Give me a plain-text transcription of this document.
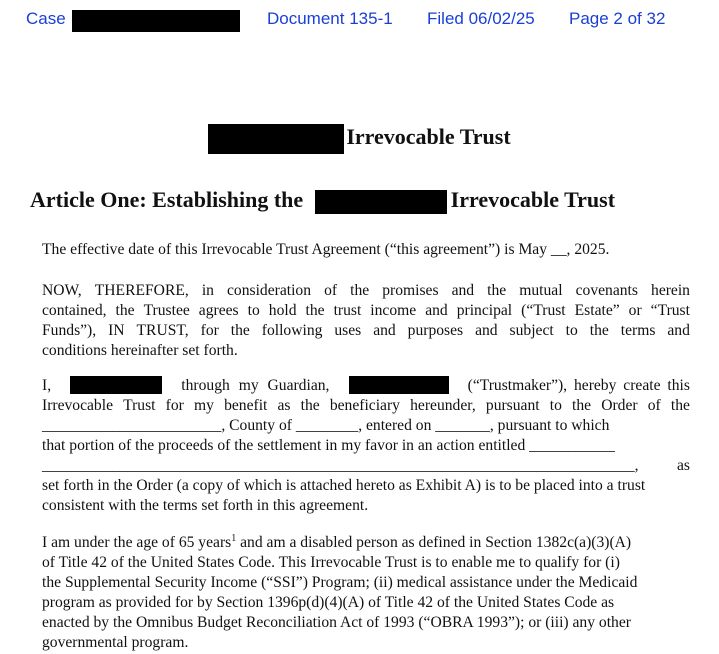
Case	Document 135-1 Filed 06/02/25 Page 2 of 32
Irrevocable Trust
Article One: Establishing the	Irrevocable Trust
The effective date of this Irrevocable Trust Agreement (“this agreement”) is May __, 2025.
NOW, THEREFORE, in consideration of the promises and the mutual covenants herein
contained, the Trustee agrees to hold the trust income and principal (“Trust Estate” or “Trust
Funds”), IN TRUST, for the following uses and purposes and subject to the terms and
conditions hereinafter set forth.
I,	through my Guardian,	(“Trustmaker”), hereby create this
Irrevocable Trust for my benefit as the beneficiary hereunder, pursuant to the Order of the
_______________________, County of ________, entered on _______, pursuant to which
that portion of the proceeds of the settlement in my favor in an action entitled ___________
____________________________________________________________________________, as
set forth in the Order (a copy of which is attached hereto as Exhibit A) is to be placed into a trust
consistent with the terms set forth in this agreement.
I am under the age of 65 years$^1$ and am a disabled person as defined in Section 1382c(a)(3)(A)
of Title 42 of the United States Code. This Irrevocable Trust is to enable me to qualify for (i)
the Supplemental Security Income (“SSI”) Program; (ii) medical assistance under the Medicaid
program as provided for by Section 1396p(d)(4)(A) of Title 42 of the United States Code as
enacted by the Omnibus Budget Reconciliation Act of 1993 (“OBRA 1993”); or (iii) any other
governmental program.
